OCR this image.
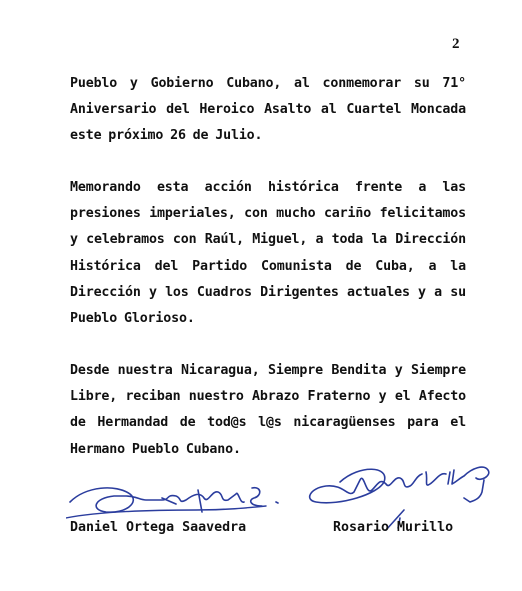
2
Pueblo y Gobierno Cubano, al conmemorar su 71° Aniversario del Heroico Asalto al Cuartel Moncada este próximo 26 de Julio.
Memorando esta acción histórica frente a las presiones imperiales, con mucho cariño felicitamos y celebramos con Raúl, Miguel, a toda la Dirección Histórica del Partido Comunista de Cuba, a la Dirección y los Cuadros Dirigentes actuales y a su Pueblo Glorioso.
Desde nuestra Nicaragua, Siempre Bendita y Siempre Libre, reciban nuestro Abrazo Fraterno y el Afecto de Hermandad de tod@s l@s nicaragüenses para el Hermano Pueblo Cubano.
Daniel Ortega Saavedra	Rosario Murillo
